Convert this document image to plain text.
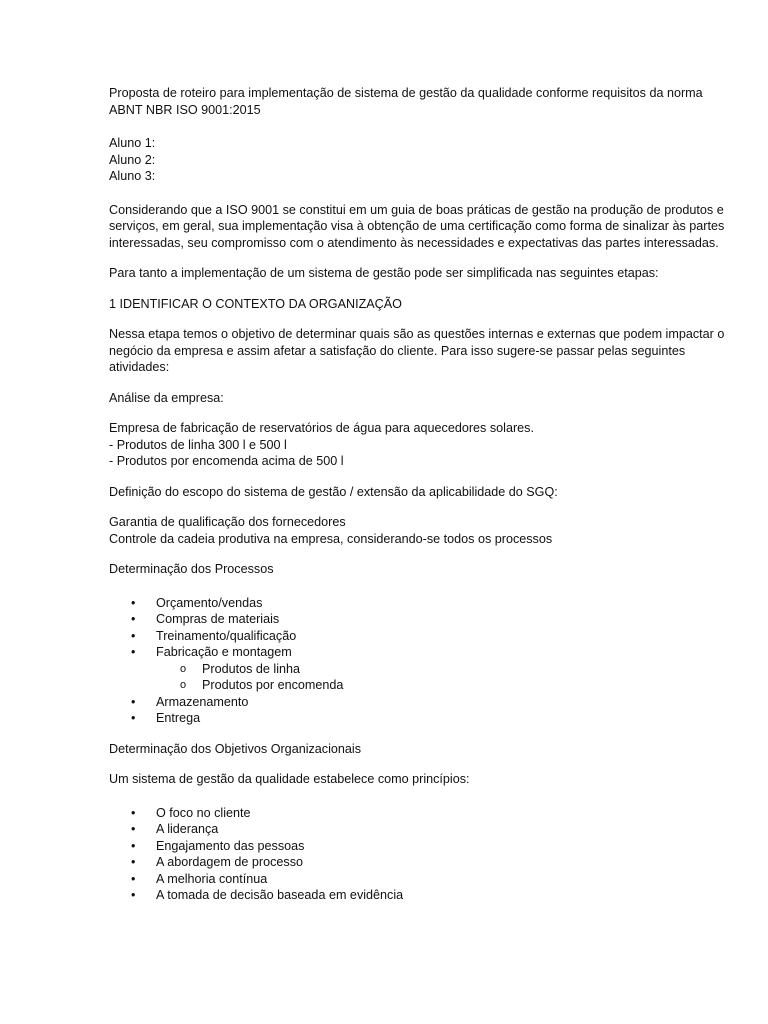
Proposta de roteiro para implementação de sistema de gestão da qualidade conforme requisitos da norma ABNT NBR ISO 9001:2015

Aluno 1:

Aluno 2:

Aluno 3:

Considerando que a ISO 9001 se constitui em um guia de boas práticas de gestão na produção de produtos e serviços, em geral, sua implementação visa à obtenção de uma certificação como forma de sinalizar às partes interessadas, seu compromisso com o atendimento às necessidades e expectativas das partes interessadas.

Para tanto a implementação de um sistema de gestão pode ser simplificada nas seguintes etapas:

1 IDENTIFICAR O CONTEXTO DA ORGANIZAÇÃO

Nessa etapa temos o objetivo de determinar quais são as questões internas e externas que podem impactar o negócio da empresa e assim afetar a satisfação do cliente. Para isso sugere-se passar pelas seguintes atividades:

Análise da empresa:

Empresa de fabricação de reservatórios de água para aquecedores solares.

- Produtos de linha 300 l e 500 l

- Produtos por encomenda acima de 500 l

Definição do escopo do sistema de gestão / extensão da aplicabilidade do SGQ:

Garantia de qualificação dos fornecedores

Controle da cadeia produtiva na empresa, considerando-se todos os processos

Determinação dos Processos

• Orçamento/vendas
• Compras de materiais
• Treinamento/qualificação
• Fabricação e montagem
o Produtos de linha
o Produtos por encomenda
• Armazenamento
• Entrega

Determinação dos Objetivos Organizacionais

Um sistema de gestão da qualidade estabelece como princípios:

• O foco no cliente
• A liderança
• Engajamento das pessoas
• A abordagem de processo
• A melhoria contínua
• A tomada de decisão baseada em evidência
